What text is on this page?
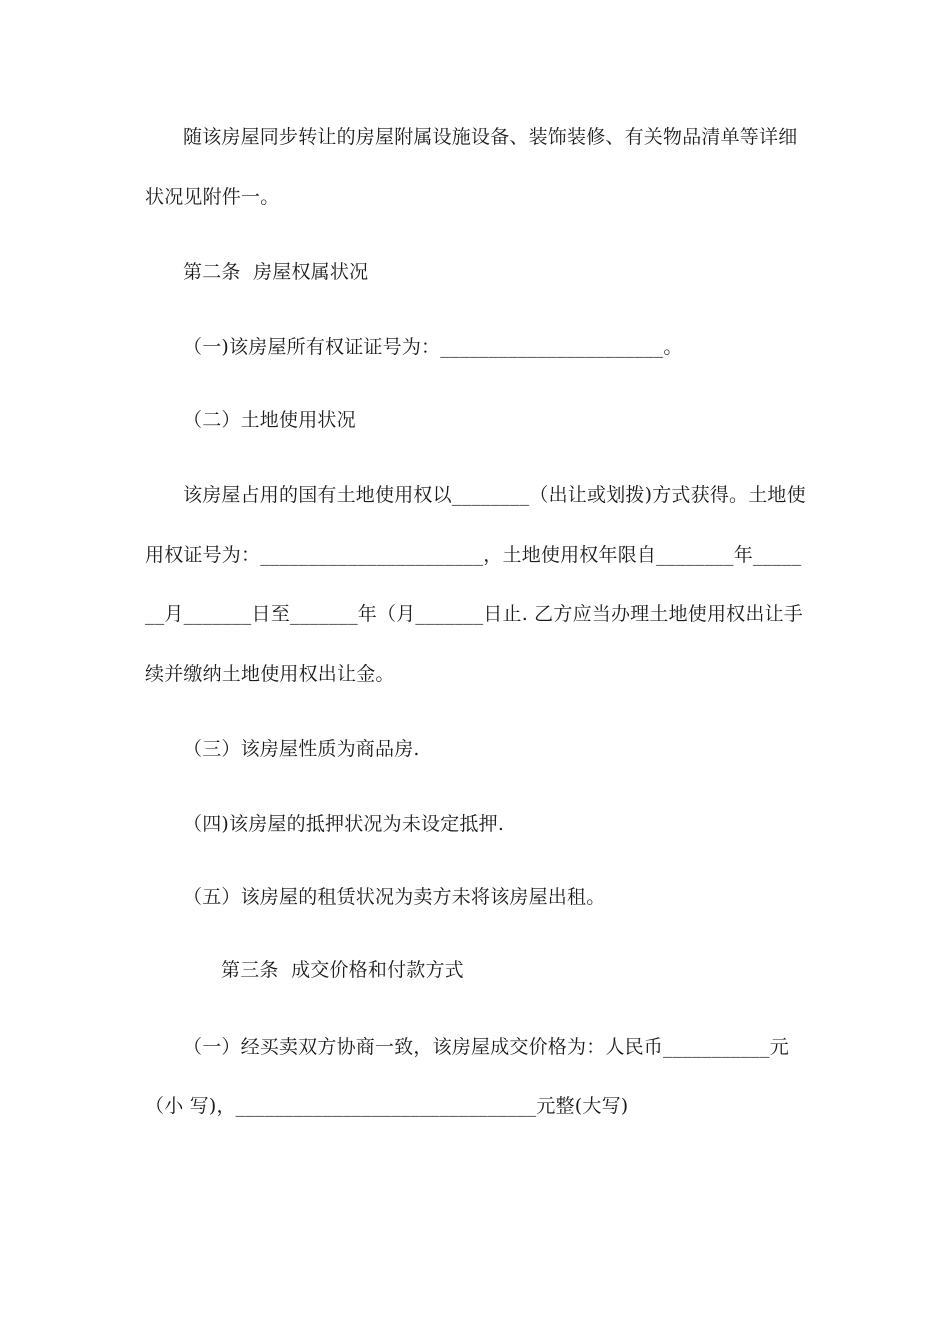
随该房屋同步转让的房屋附属设施设备、装饰装修、有关物品清单等详细
状况见附件一。
第二条  房屋权属状况
（一)该房屋所有权证证号为：_______________________。
（二）土地使用状况
该房屋占用的国有土地使用权以________（出让或划拨)方式获得。土地使
用权证号为：_______________________，土地使用权年限自________年_____
__月_______日至_______年（月_______日止. 乙方应当办理土地使用权出让手
续并缴纳土地使用权出让金。
（三）该房屋性质为商品房.
（四)该房屋的抵押状况为未设定抵押.
（五）该房屋的租赁状况为卖方未将该房屋出租。
第三条  成交价格和付款方式
（一）经买卖双方协商一致，该房屋成交价格为：人民币___________元
（小 写)，_______________________________元整(大写)
